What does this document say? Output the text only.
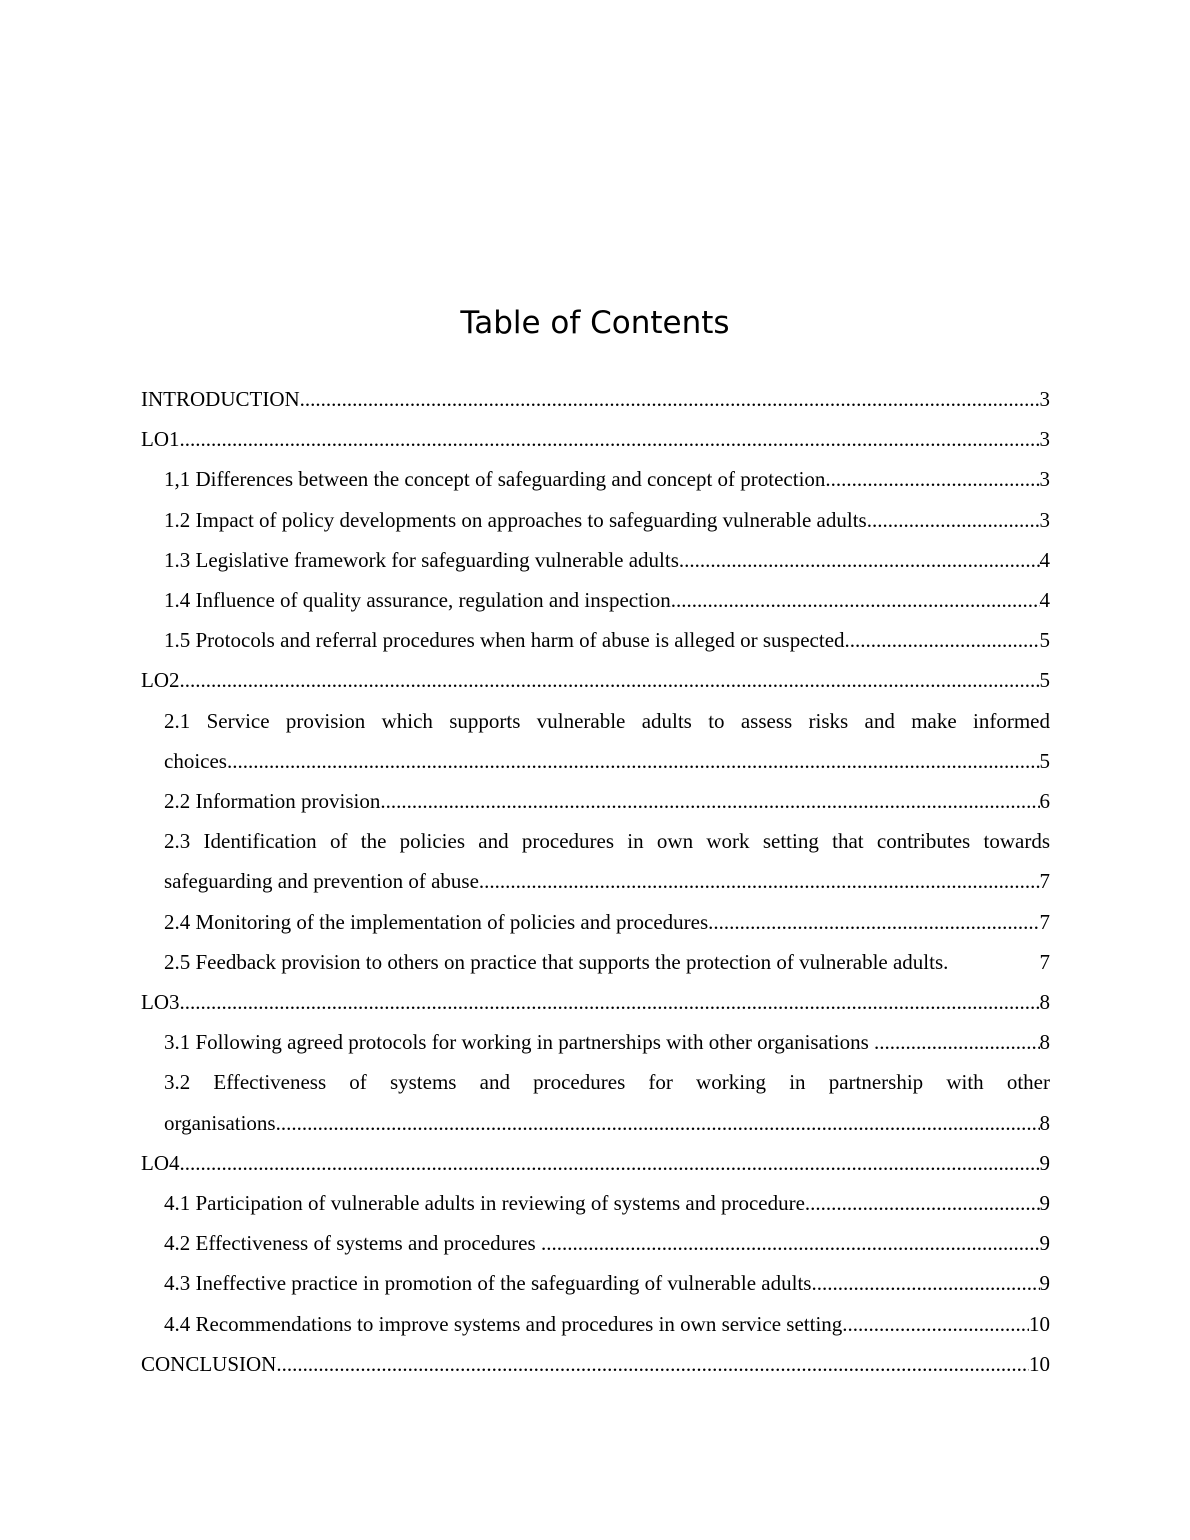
Table of Contents
INTRODUCTION .....	3
LO1 .....	3
1,1 Differences between the concept of safeguarding and concept of protection .....	3
1.2 Impact of policy developments on approaches to safeguarding vulnerable adults .....	3
1.3 Legislative framework for safeguarding vulnerable adults .....	4
1.4 Influence of quality assurance, regulation and inspection .....	4
1.5 Protocols and referral procedures when harm of abuse is alleged or suspected .....	5
LO2 .....	5
2.1 Service provision which supports vulnerable adults to assess risks and make informed
choices .....	5
2.2 Information provision .....	6
2.3 Identification of the policies and procedures in own work setting that contributes towards
safeguarding and prevention of abuse .....	7
2.4 Monitoring of the implementation of policies and procedures .....	7
2.5 Feedback provision to others on practice that supports the protection of vulnerable adults.	7
LO3 .....	8
3.1 Following agreed protocols for working in partnerships with other organisations .....	8
3.2 Effectiveness of systems and procedures for working in partnership with other
organisations .....	8
LO4 .....	9
4.1 Participation of vulnerable adults in reviewing of systems and procedure .....	9
4.2 Effectiveness of systems and procedures .....	9
4.3 Ineffective practice in promotion of the safeguarding of vulnerable adults .....	9
4.4 Recommendations to improve systems and procedures in own service setting .....	10
CONCLUSION .....	10
